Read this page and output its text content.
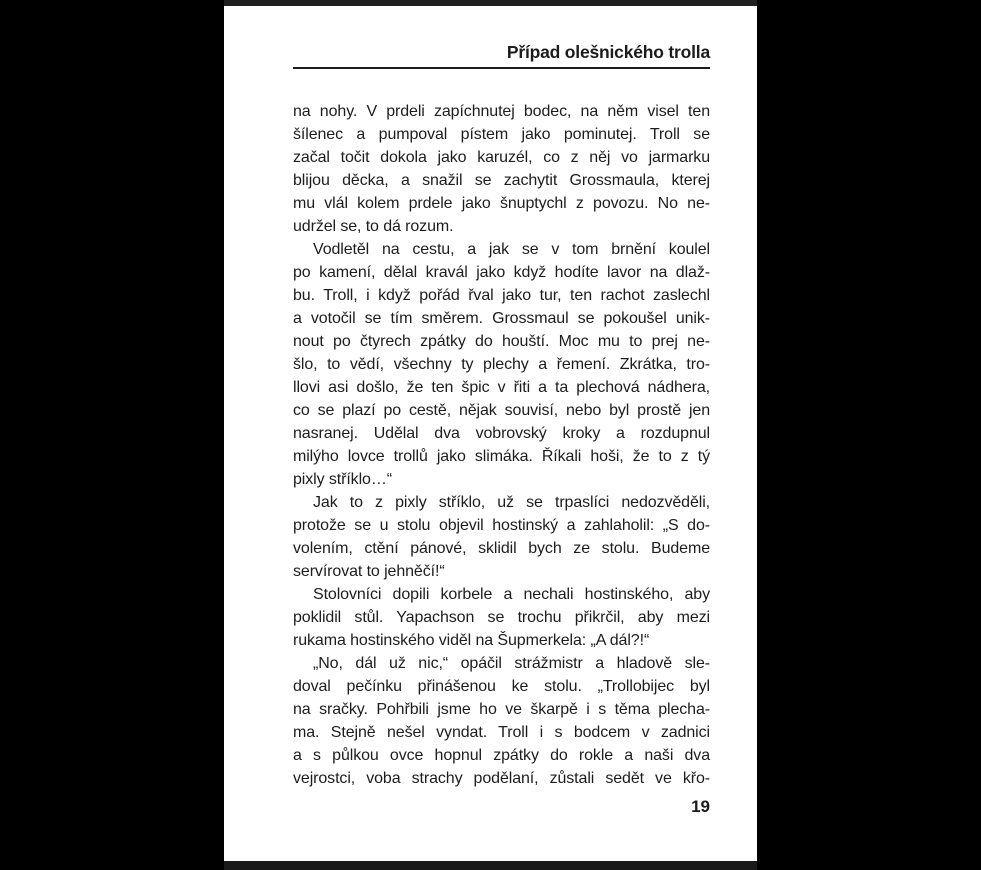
Případ olešnického trolla
na nohy. V prdeli zapíchnutej bodec, na něm visel ten
šílenec a pumpoval pístem jako pominutej. Troll se
začal točit dokola jako karuzél, co z něj vo jarmarku
blijou děcka, a snažil se zachytit Grossmaula, kterej
mu vlál kolem prdele jako šnuptychl z povozu. No ne-
udržel se, to dá rozum.
Vodletěl na cestu, a jak se v tom brnění koulel
po kamení, dělal kravál jako když hodíte lavor na dlaž-
bu. Troll, i když pořád řval jako tur, ten rachot zaslechl
a votočil se tím směrem. Grossmaul se pokoušel unik-
nout po čtyrech zpátky do houští. Moc mu to prej ne-
šlo, to vědí, všechny ty plechy a řemení. Zkrátka, tro-
llovi asi došlo, že ten špic v řiti a ta plechová nádhera,
co se plazí po cestě, nějak souvisí, nebo byl prostě jen
nasranej. Udělal dva vobrovský kroky a rozdupnul
milýho lovce trollů jako slimáka. Říkali hoši, že to z tý
pixly stříklo…“
Jak to z pixly stříklo, už se trpaslíci nedozvěděli,
protože se u stolu objevil hostinský a zahlaholil: „S do-
volením, ctění pánové, sklidil bych ze stolu. Budeme
servírovat to jehněčí!“
Stolovníci dopili korbele a nechali hostinského, aby
poklidil stůl. Yapachson se trochu přikrčil, aby mezi
rukama hostinského viděl na Šupmerkela: „A dál?!“
„No, dál už nic,“ opáčil strážmistr a hladově sle-
doval pečínku přinášenou ke stolu. „Trollobijec byl
na sračky. Pohřbili jsme ho ve škarpě i s těma plecha-
ma. Stejně nešel vyndat. Troll i s bodcem v zadnici
a s půlkou ovce hopnul zpátky do rokle a naši dva
vejrostci, voba strachy podělaní, zůstali sedět ve křo-
19
